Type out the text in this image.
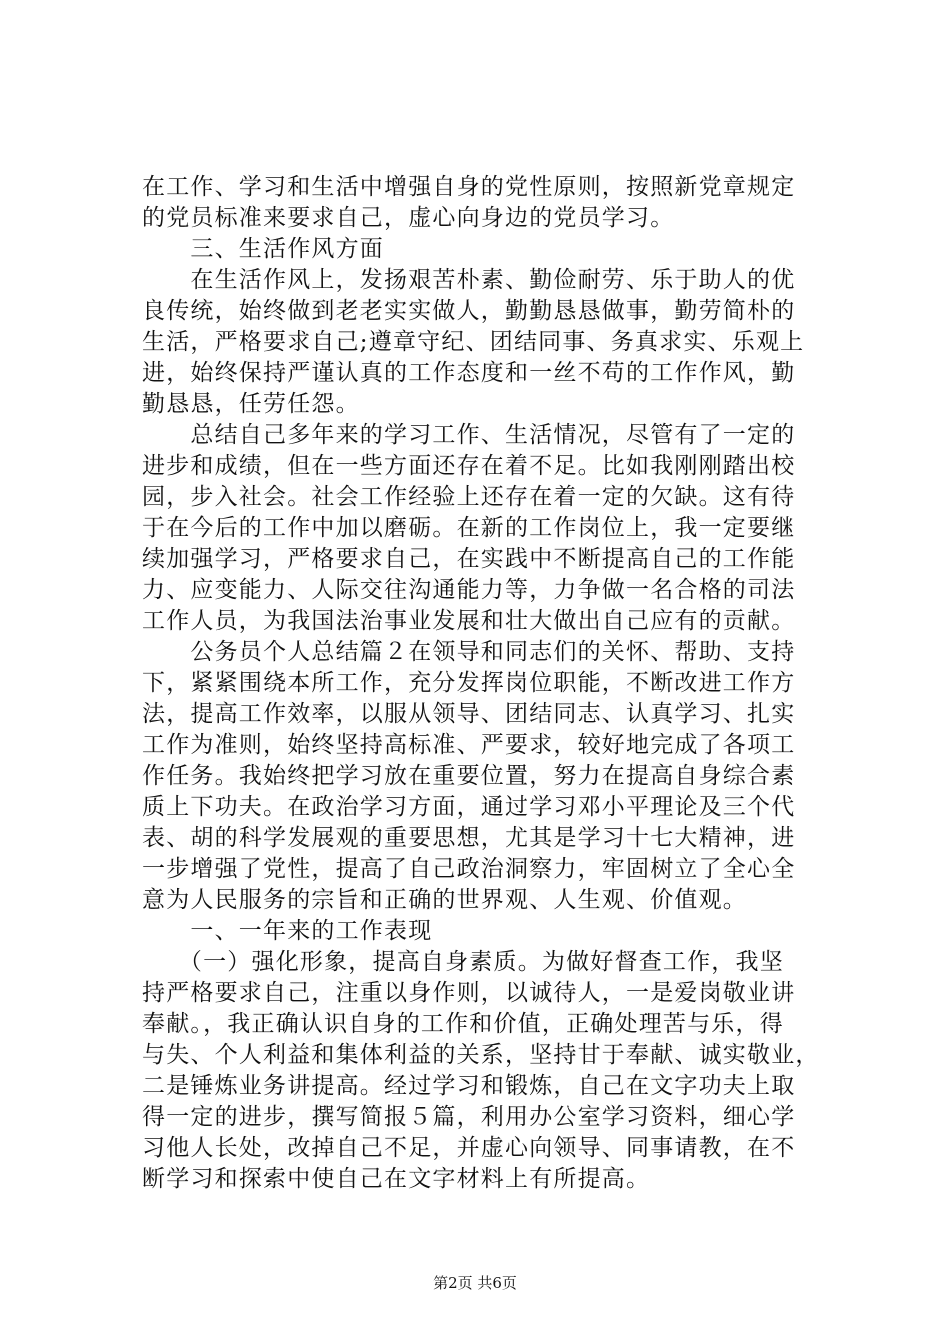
在工作、学习和生活中增强自身的党性原则，按照新党章规定
的党员标准来要求自己，虚心向身边的党员学习。
　　三、生活作风方面
　　在生活作风上，发扬艰苦朴素、勤俭耐劳、乐于助人的优
良传统，始终做到老老实实做人，勤勤恳恳做事，勤劳简朴的
生活，严格要求自己;遵章守纪、团结同事、务真求实、乐观上
进，始终保持严谨认真的工作态度和一丝不苟的工作作风，勤
勤恳恳，任劳任怨。
　　总结自己多年来的学习工作、生活情况，尽管有了一定的
进步和成绩，但在一些方面还存在着不足。比如我刚刚踏出校
园，步入社会。社会工作经验上还存在着一定的欠缺。这有待
于在今后的工作中加以磨砺。在新的工作岗位上，我一定要继
续加强学习，严格要求自己，在实践中不断提高自己的工作能
力、应变能力、人际交往沟通能力等，力争做一名合格的司法
工作人员，为我国法治事业发展和壮大做出自己应有的贡献。
　　公务员个人总结篇２在领导和同志们的关怀、帮助、支持
下，紧紧围绕本所工作，充分发挥岗位职能，不断改进工作方
法，提高工作效率，以服从领导、团结同志、认真学习、扎实
工作为准则，始终坚持高标准、严要求，较好地完成了各项工
作任务。我始终把学习放在重要位置，努力在提高自身综合素
质上下功夫。在政治学习方面，通过学习邓小平理论及三个代
表、胡的科学发展观的重要思想，尤其是学习十七大精神，进
一步增强了党性，提高了自己政治洞察力，牢固树立了全心全
意为人民服务的宗旨和正确的世界观、人生观、价值观。
　　一、一年来的工作表现
　　（一）强化形象，提高自身素质。为做好督查工作，我坚
持严格要求自己，注重以身作则，以诚待人，一是爱岗敬业讲
奉献。，我正确认识自身的工作和价值，正确处理苦与乐，得
与失、个人利益和集体利益的关系，坚持甘于奉献、诚实敬业，
二是锤炼业务讲提高。经过学习和锻炼，自己在文字功夫上取
得一定的进步，撰写简报５篇，利用办公室学习资料，细心学
习他人长处，改掉自己不足，并虚心向领导、同事请教，在不
断学习和探索中使自己在文字材料上有所提高。
第2页 共6页
